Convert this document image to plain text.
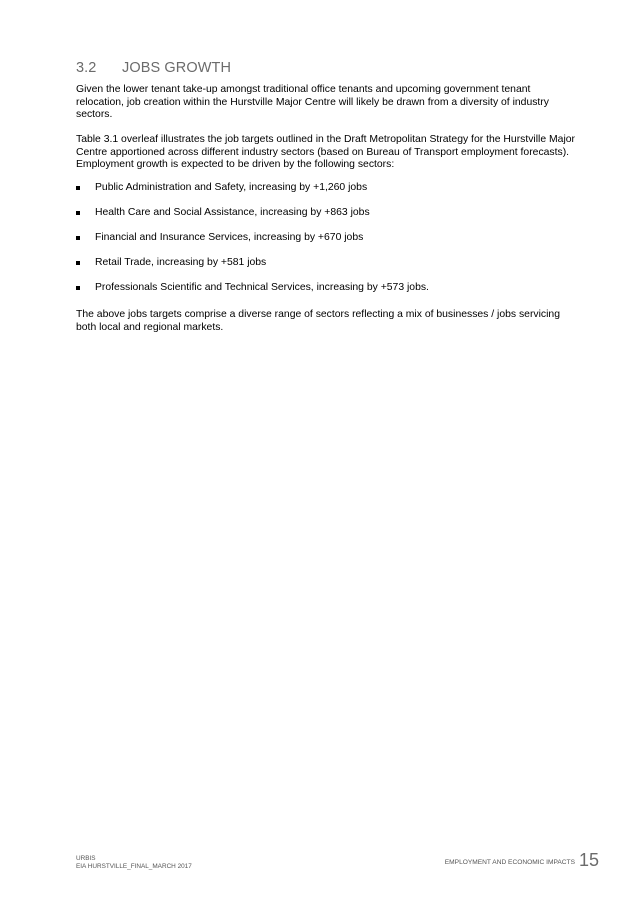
3.2 JOBS GROWTH
Given the lower tenant take-up amongst traditional office tenants and upcoming government tenant relocation, job creation within the Hurstville Major Centre will likely be drawn from a diversity of industry sectors.
Table 3.1 overleaf illustrates the job targets outlined in the Draft Metropolitan Strategy for the Hurstville Major Centre apportioned across different industry sectors (based on Bureau of Transport employment forecasts). Employment growth is expected to be driven by the following sectors:
Public Administration and Safety, increasing by +1,260 jobs
Health Care and Social Assistance, increasing by +863 jobs
Financial and Insurance Services, increasing by +670 jobs
Retail Trade, increasing by +581 jobs
Professionals Scientific and Technical Services, increasing by +573 jobs.
The above jobs targets comprise a diverse range of sectors reflecting a mix of businesses / jobs servicing both local and regional markets.
URBIS
EIA HURSTVILLE_FINAL_MARCH 2017
EMPLOYMENT AND ECONOMIC IMPACTS 15
